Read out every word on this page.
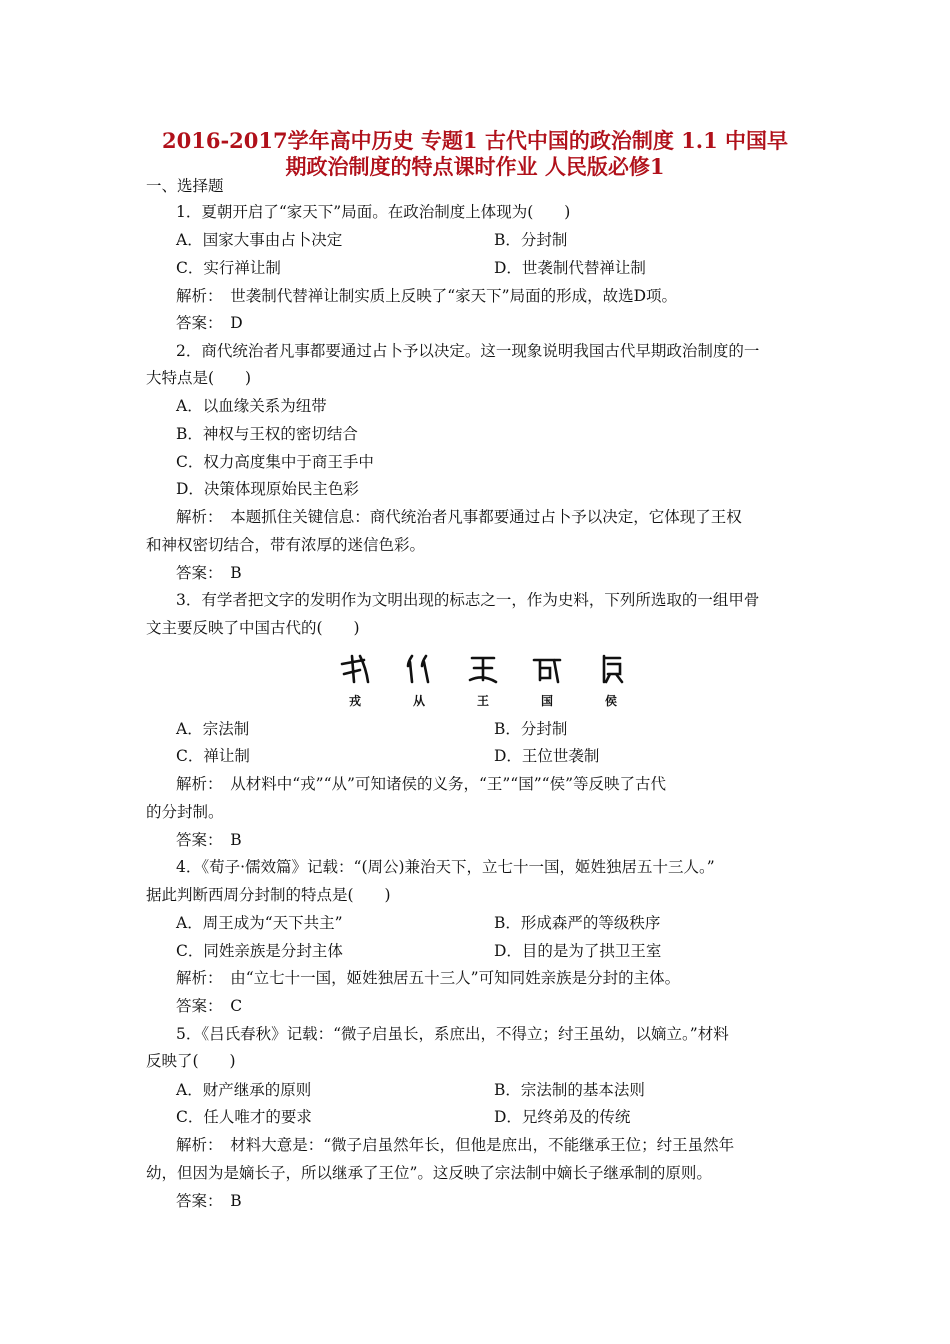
2016-2017学年高中历史 专题1 古代中国的政治制度 1.1 中国早
期政治制度的特点课时作业 人民版必修1
一、选择题
1．夏朝开启了“家天下”局面。在政治制度上体现为(　　)
A．国家大事由占卜决定	B．分封制
C．实行禅让制	D．世袭制代替禅让制
解析：　世袭制代替禅让制实质上反映了“家天下”局面的形成，故选D项。
答案：　D
2．商代统治者凡事都要通过占卜予以决定。这一现象说明我国古代早期政治制度的一
大特点是(　　)
A．以血缘关系为纽带
B．神权与王权的密切结合
C．权力高度集中于商王手中
D．决策体现原始民主色彩
解析：　本题抓住关键信息：商代统治者凡事都要通过占卜予以决定，它体现了王权
和神权密切结合，带有浓厚的迷信色彩。
答案：　B
3．有学者把文字的发明作为文明出现的标志之一，作为史料，下列所选取的一组甲骨
文主要反映了中国古代的(　　)
戎	从	王	国	侯
A．宗法制	B．分封制
C．禅让制	D．王位世袭制
解析：　从材料中“戎”“从”可知诸侯的义务，“王”“国”“侯”等反映了古代
的分封制。
答案：　B
4．《荀子·儒效篇》记载：“(周公)兼治天下，立七十一国，姬姓独居五十三人。”
据此判断西周分封制的特点是(　　)
A．周王成为“天下共主”	B．形成森严的等级秩序
C．同姓亲族是分封主体	D．目的是为了拱卫王室
解析：　由“立七十一国，姬姓独居五十三人”可知同姓亲族是分封的主体。
答案：　C
5．《吕氏春秋》记载：“微子启虽长，系庶出，不得立；纣王虽幼，以嫡立。”材料
反映了(　　)
A．财产继承的原则	B．宗法制的基本法则
C．任人唯才的要求	D．兄终弟及的传统
解析：　材料大意是：“微子启虽然年长，但他是庶出，不能继承王位；纣王虽然年
幼，但因为是嫡长子，所以继承了王位”。这反映了宗法制中嫡长子继承制的原则。
答案：　B
